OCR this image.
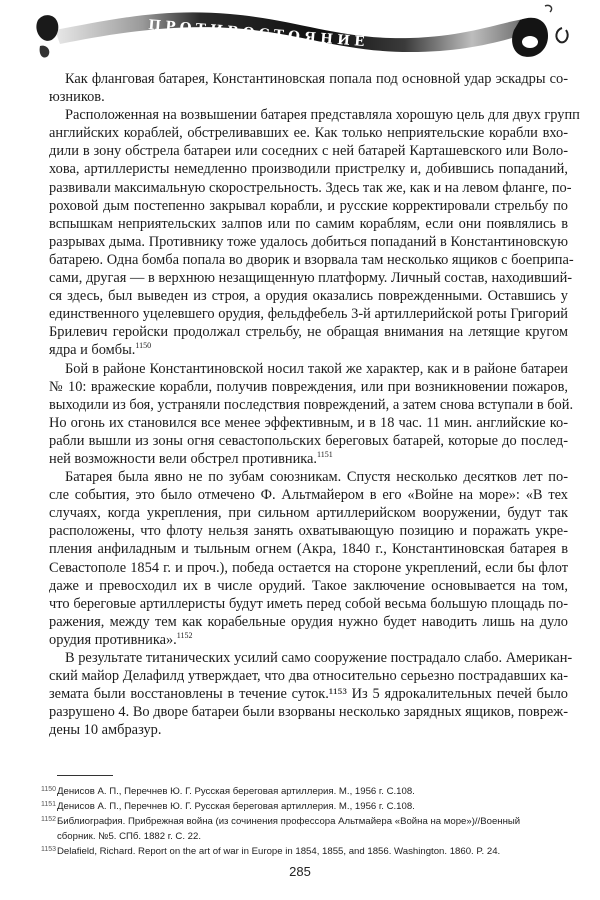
ПРОТИВОСТОЯНИЕ

Как фланговая батарея, Константиновская попала под основной удар эскадры со-
юзников.

Расположенная на возвышении батарея представляла хорошую цель для двух групп
английских кораблей, обстреливавших ее. Как только неприятельские корабли вхо-
дили в зону обстрела батареи или соседних с ней батарей Карташевского или Воло-
хова, артиллеристы немедленно производили пристрелку и, добившись попаданий,
развивали максимальную скорострельность. Здесь так же, как и на левом фланге, по-
роховой дым постепенно закрывал корабли, и русские корректировали стрельбу по
вспышкам неприятельских залпов или по самим кораблям, если они появлялись в
разрывах дыма. Противнику тоже удалось добиться попаданий в Константиновскую
батарею. Одна бомба попала во дворик и взорвала там несколько ящиков с боеприпа-
сами, другая — в верхнюю незащищенную платформу. Личный состав, находивший-
ся здесь, был выведен из строя, а орудия оказались поврежденными. Оставшись у
единственного уцелевшего орудия, фельдфебель 3-й артиллерийской роты Григорий
Брилевич геройски продолжал стрельбу, не обращая внимания на летящие кругом
ядра и бомбы.$^{1150}$

Бой в районе Константиновской носил такой же характер, как и в районе батареи
№ 10: вражеские корабли, получив повреждения, или при возникновении пожаров,
выходили из боя, устраняли последствия повреждений, а затем снова вступали в бой.
Но огонь их становился все менее эффективным, и в 18 час. 11 мин. английские ко-
рабли вышли из зоны огня севастопольских береговых батарей, которые до послед-
ней возможности вели обстрел противника.$^{1151}$

Батарея была явно не по зубам союзникам. Спустя несколько десятков лет по-
сле события, это было отмечено Ф. Альтмайером в его «Войне на море»: «В тех
случаях, когда укрепления, при сильном артиллерийском вооружении, будут так
расположены, что флоту нельзя занять охватывающую позицию и поражать укре-
пления анфиладным и тыльным огнем (Акра, 1840 г., Константиновская батарея в
Севастополе 1854 г. и проч.), победа остается на стороне укреплений, если бы флот
даже и превосходил их в числе орудий. Такое заключение основывается на том,
что береговые артиллеристы будут иметь перед собой весьма большую площадь по-
ражения, между тем как корабельные орудия нужно будет наводить лишь на дуло
орудия противника».$^{1152}$

В результате титанических усилий само сооружение пострадало слабо. Американ-
ский майор Делафилд утверждает, что два относительно серьезно пострадавших ка-
земата были восстановлены в течение суток.¹¹⁵³ Из 5 ядрокалительных печей было
разрушено 4. Во дворе батареи были взорваны несколько зарядных ящиков, повреж-
дены 10 амбразур.

1150 Денисов А. П., Перечнев Ю. Г. Русская береговая артиллерия. М., 1956 г. С.108.
1151 Денисов А. П., Перечнев Ю. Г. Русская береговая артиллерия. М., 1956 г. С.108.
1152 Библиография. Прибрежная война (из сочинения профессора Альтмайера «Война на море»)//Военный сборник. №5. СПб. 1882 г. С. 22.
1153 Delafield, Richard. Report on the art of war in Europe in 1854, 1855, and 1856. Washington. 1860. P. 24.
285
